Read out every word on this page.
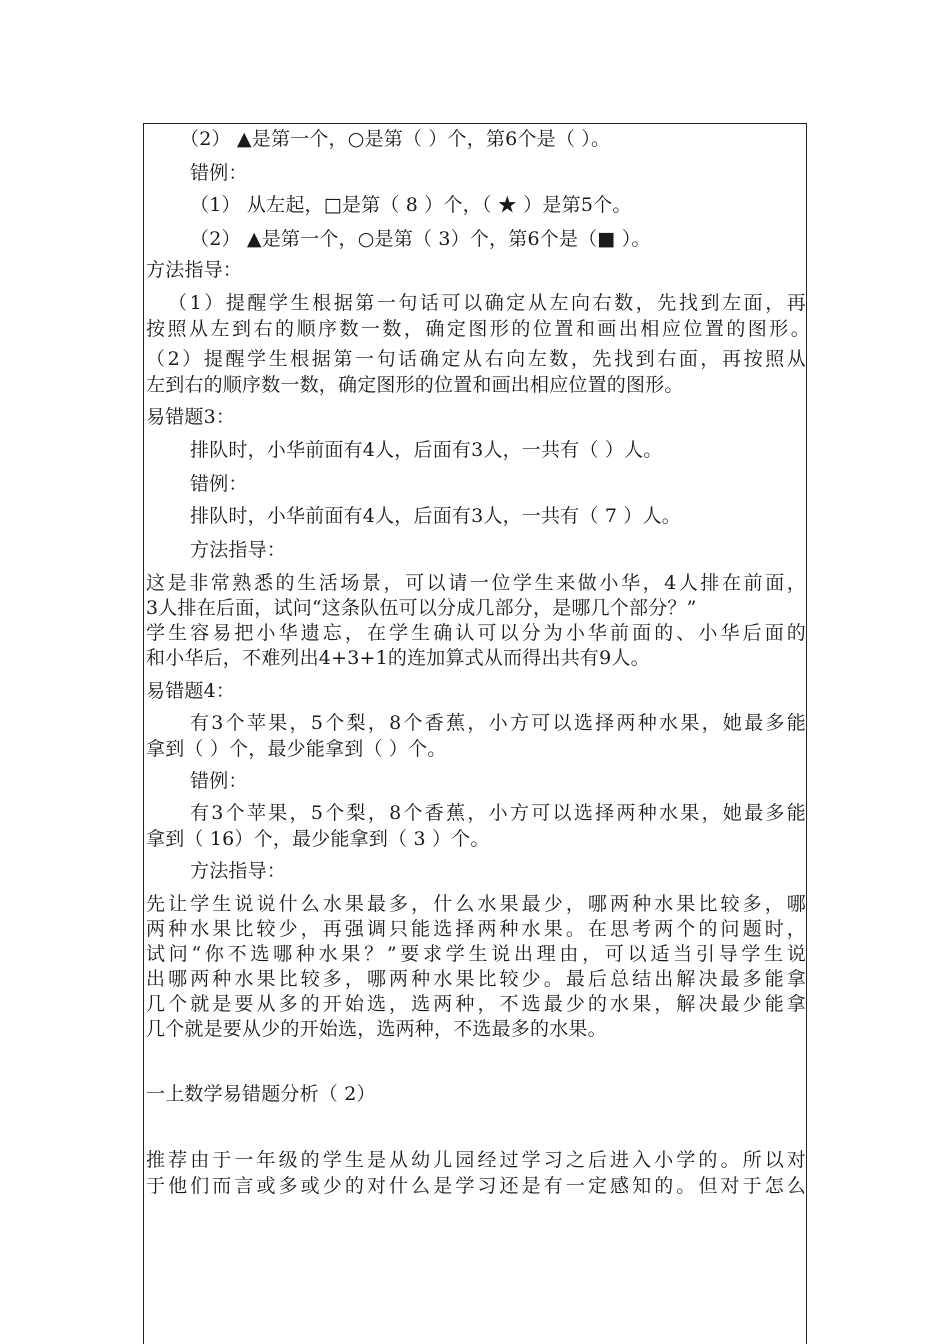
（2） ▲是第一个，○是第（ ）个，第6个是（ ）。
错例：
（1） 从左起，□是第（ 8 ）个，（ ★ ）是第5个。
（2） ▲是第一个，○是第（ 3）个，第6个是（■ ）。
方法指导：
（1）提醒学生根据第一句话可以确定从左向右数，先找到左面，再
按照从左到右的顺序数一数，确定图形的位置和画出相应位置的图形。
（2）提醒学生根据第一句话确定从右向左数，先找到右面，再按照从
左到右的顺序数一数，确定图形的位置和画出相应位置的图形。
易错题3：
排队时，小华前面有4人，后面有3人，一共有（ ）人。
错例：
排队时，小华前面有4人，后面有3人，一共有（ 7 ）人。
方法指导：
这是非常熟悉的生活场景，可以请一位学生来做小华，4人排在前面，
3人排在后面，试问“这条队伍可以分成几部分，是哪几个部分？”
学生容易把小华遗忘，在学生确认可以分为小华前面的、小华后面的
和小华后，不难列出4+3+1的连加算式从而得出共有9人。
易错题4：
有3个苹果，5个梨，8个香蕉，小方可以选择两种水果，她最多能
拿到（ ）个，最少能拿到（ ）个。
错例：
有3个苹果，5个梨，8个香蕉，小方可以选择两种水果，她最多能
拿到（ 16）个，最少能拿到（ 3 ）个。
方法指导：
先让学生说说什么水果最多，什么水果最少，哪两种水果比较多，哪
两种水果比较少，再强调只能选择两种水果。在思考两个的问题时，
试问“你不选哪种水果？”要求学生说出理由，可以适当引导学生说
出哪两种水果比较多，哪两种水果比较少。最后总结出解决最多能拿
几个就是要从多的开始选，选两种，不选最少的水果，解决最少能拿
几个就是要从少的开始选，选两种，不选最多的水果。
一上数学易错题分析（ 2）
推荐由于一年级的学生是从幼儿园经过学习之后进入小学的。所以对
于他们而言或多或少的对什么是学习还是有一定感知的。但对于怎么
